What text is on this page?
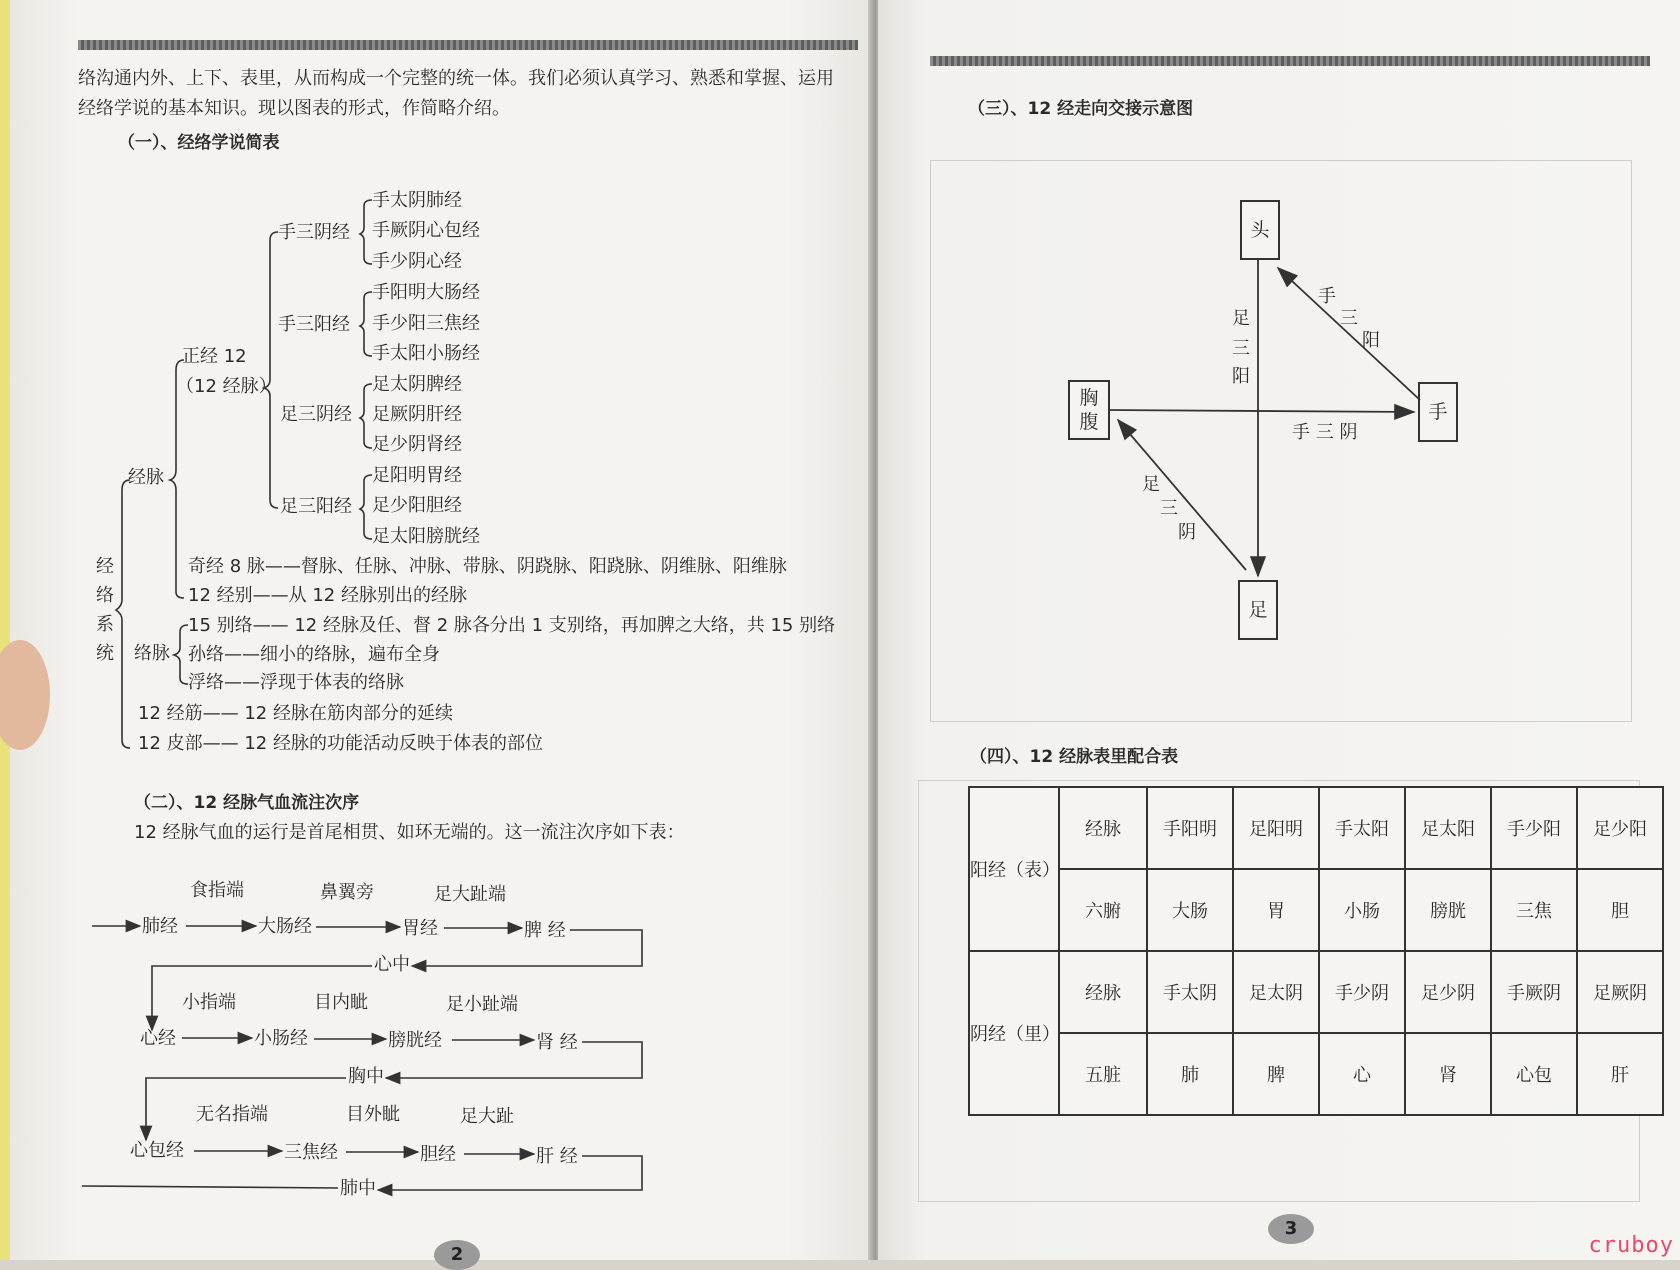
络沟通内外、上下、表里，从而构成一个完整的统一体。我们必须认真学习、熟悉和掌握、运用
经络学说的基本知识。现以图表的形式，作简略介绍。
（一）、经络学说简表
经
络
系
统
经脉
正经 12
（12 经脉）
手三阴经
手太阴肺经
手厥阴心包经
手少阴心经
手三阳经
手阳明大肠经
手少阳三焦经
手太阳小肠经
足三阴经
足太阴脾经
足厥阴肝经
足少阴肾经
足三阳经
足阳明胃经
足少阳胆经
足太阳膀胱经
奇经 8 脉——督脉、任脉、冲脉、带脉、阴跷脉、阳跷脉、阴维脉、阳维脉
12 经别——从 12 经脉别出的经脉
络脉
15 别络—— 12 经脉及任、督 2 脉各分出 1 支别络，再加脾之大络，共 15 别络
孙络——细小的络脉，遍布全身
浮络——浮现于体表的络脉
12 经筋—— 12 经脉在筋肉部分的延续
12 皮部—— 12 经脉的功能活动反映于体表的部位
（二）、12 经脉气血流注次序
12 经脉气血的运行是首尾相贯、如环无端的。这一流注次序如下表：
食指端	鼻翼旁	足大趾端
肺经	大肠经	胃经	脾 经
心中
小指端	目内眦	足小趾端
心经	小肠经	膀胱经	肾 经
胸中
无名指端	目外眦	足大趾
心包经	三焦经	胆经	肝 经
肺中
2
（三）、12 经走向交接示意图
3
头
胸
腹	手
足
手
三
阳
足
三
阳
手 三 阴
足
三
阴
（四）、12 经脉表里配合表
阳经（表）	经脉	手阳明	足阳明	手太阳	足太阳	手少阳	足少阳
	六腑	大肠	胃	小肠	膀胱	三焦	胆
阴经（里）	经脉	手太阴	足太阴	手少阴	足少阴	手厥阴	足厥阴
	五脏	肺	脾	心	肾	心包	肝
cruboy
